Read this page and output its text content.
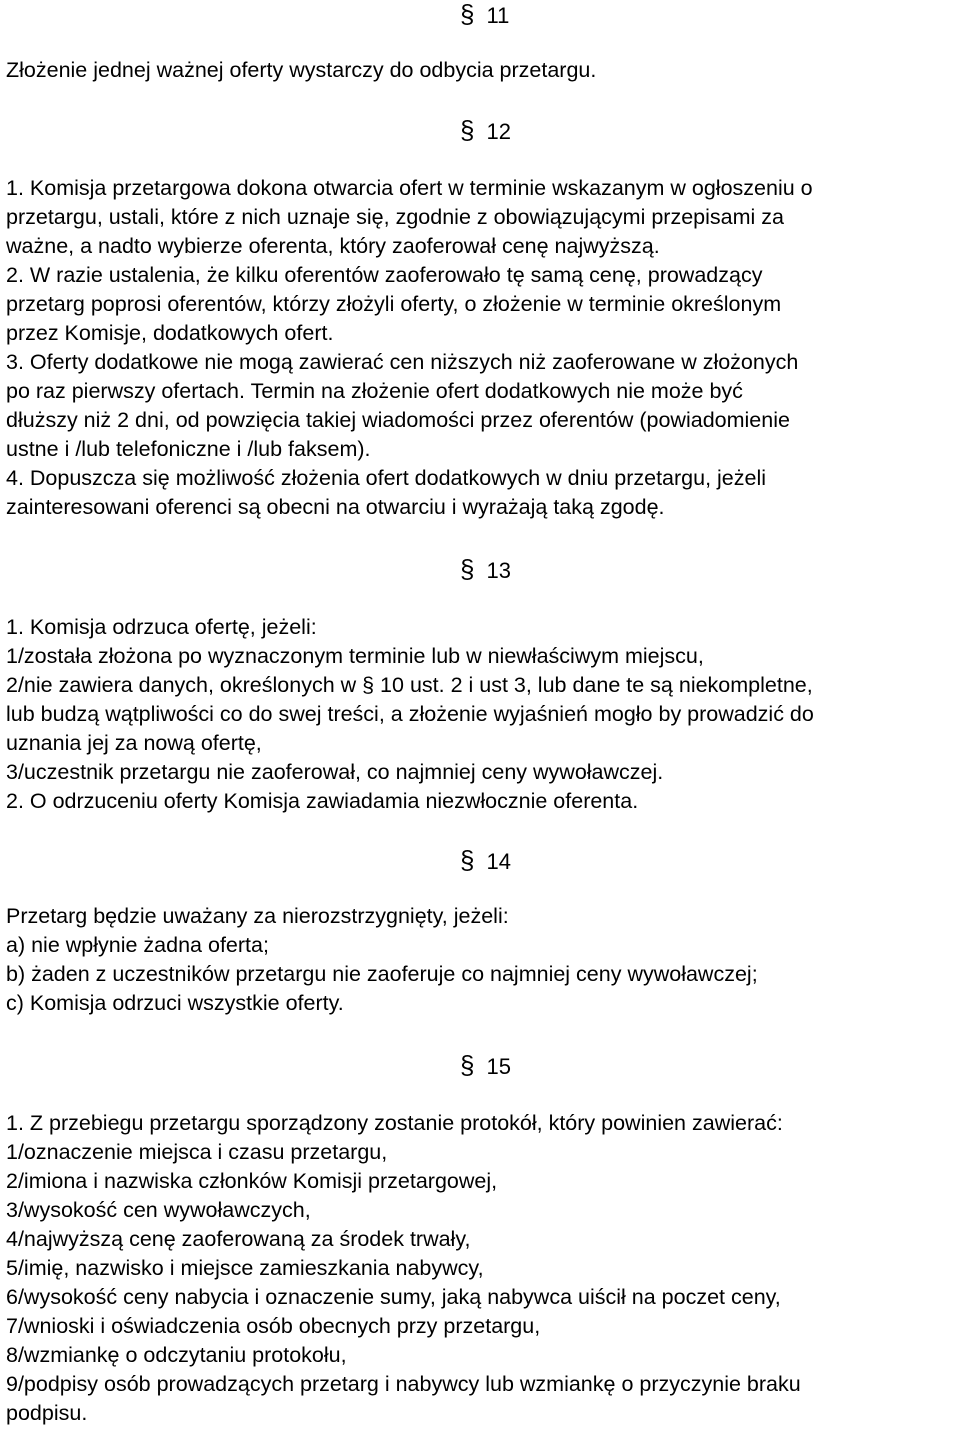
§ 11
Złożenie jednej ważnej oferty wystarczy do odbycia przetargu.
§ 12
1. Komisja przetargowa dokona otwarcia ofert w terminie wskazanym w ogłoszeniu o
przetargu, ustali, które z nich uznaje się, zgodnie z obowiązującymi przepisami za
ważne, a nadto wybierze oferenta, który zaoferował cenę najwyższą.
2. W razie ustalenia, że kilku oferentów zaoferowało tę samą cenę, prowadzący
przetarg poprosi oferentów, którzy złożyli oferty, o złożenie w terminie określonym
przez Komisje, dodatkowych ofert.
3. Oferty dodatkowe nie mogą zawierać cen niższych niż zaoferowane w złożonych
po raz pierwszy ofertach. Termin na złożenie ofert dodatkowych nie może być
dłuższy niż 2 dni, od powzięcia takiej wiadomości przez oferentów (powiadomienie
ustne i /lub telefoniczne i /lub faksem).
4. Dopuszcza się możliwość złożenia ofert dodatkowych w dniu przetargu, jeżeli
zainteresowani oferenci są obecni na otwarciu i wyrażają taką zgodę.
§ 13
1. Komisja odrzuca ofertę, jeżeli:
1/została złożona po wyznaczonym terminie lub w niewłaściwym miejscu,
2/nie zawiera danych, określonych w § 10 ust. 2 i ust 3, lub dane te są niekompletne,
lub budzą wątpliwości co do swej treści, a złożenie wyjaśnień mogło by prowadzić do
uznania jej za nową ofertę,
3/uczestnik przetargu nie zaoferował, co najmniej ceny wywoławczej.
2. O odrzuceniu oferty Komisja zawiadamia niezwłocznie oferenta.
§ 14
Przetarg będzie uważany za nierozstrzygnięty, jeżeli:
a) nie wpłynie żadna oferta;
b) żaden z uczestników przetargu nie zaoferuje co najmniej ceny wywoławczej;
c) Komisja odrzuci wszystkie oferty.
§ 15
1. Z przebiegu przetargu sporządzony zostanie protokół, który powinien zawierać:
1/oznaczenie miejsca i czasu przetargu,
2/imiona i nazwiska członków Komisji przetargowej,
3/wysokość cen wywoławczych,
4/najwyższą cenę zaoferowaną za środek trwały,
5/imię, nazwisko i miejsce zamieszkania nabywcy,
6/wysokość ceny nabycia i oznaczenie sumy, jaką nabywca uiścił na poczet ceny,
7/wnioski i oświadczenia osób obecnych przy przetargu,
8/wzmiankę o odczytaniu protokołu,
9/podpisy osób prowadzących przetarg i nabywcy lub wzmiankę o przyczynie braku
podpisu.
